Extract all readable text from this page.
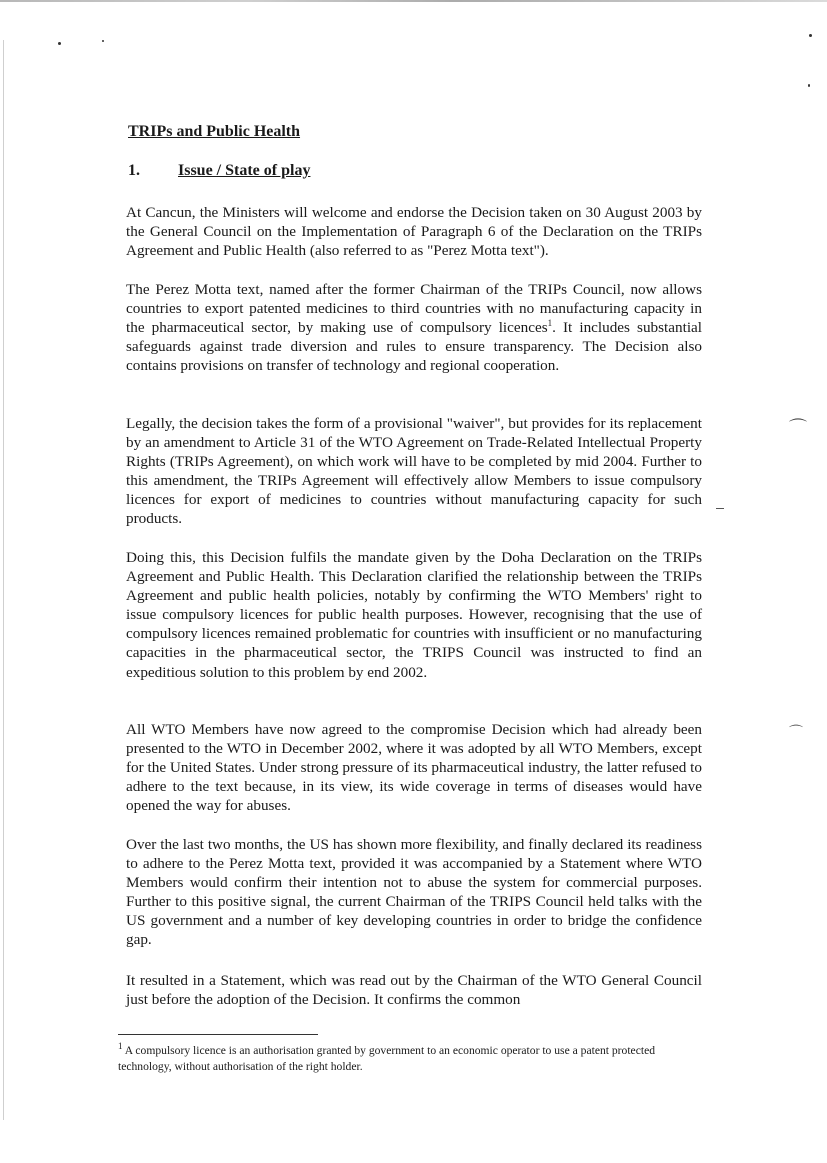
TRIPs and Public Health
1.	Issue / State of play

At Cancun, the Ministers will welcome and endorse the Decision taken on 30 August 2003 by the General Council on the Implementation of Paragraph 6 of the Declaration on the TRIPs Agreement and Public Health (also referred to as "Perez Motta text").

The Perez Motta text, named after the former Chairman of the TRIPs Council, now allows countries to export patented medicines to third countries with no manufacturing capacity in the pharmaceutical sector, by making use of compulsory licences$^1$. It includes substantial safeguards against trade diversion and rules to ensure transparency. The Decision also contains provisions on transfer of technology and regional cooperation.

Legally, the decision takes the form of a provisional "waiver", but provides for its replacement by an amendment to Article 31 of the WTO Agreement on Trade-Related Intellectual Property Rights (TRIPs Agreement), on which work will have to be completed by mid 2004. Further to this amendment, the TRIPs Agreement will effectively allow Members to issue compulsory licences for export of medicines to countries without manufacturing capacity for such products.

Doing this, this Decision fulfils the mandate given by the Doha Declaration on the TRIPs Agreement and Public Health. This Declaration clarified the relationship between the TRIPs Agreement and public health policies, notably by confirming the WTO Members' right to issue compulsory licences for public health purposes. However, recognising that the use of compulsory licences remained problematic for countries with insufficient or no manufacturing capacities in the pharmaceutical sector, the TRIPS Council was instructed to find an expeditious solution to this problem by end 2002.

All WTO Members have now agreed to the compromise Decision which had already been presented to the WTO in December 2002, where it was adopted by all WTO Members, except for the United States. Under strong pressure of its pharmaceutical industry, the latter refused to adhere to the text because, in its view, its wide coverage in terms of diseases would have opened the way for abuses.

Over the last two months, the US has shown more flexibility, and finally declared its readiness to adhere to the Perez Motta text, provided it was accompanied by a Statement where WTO Members would confirm their intention not to abuse the system for commercial purposes. Further to this positive signal, the current Chairman of the TRIPS Council held talks with the US government and a number of key developing countries in order to bridge the confidence gap.

It resulted in a Statement, which was read out by the Chairman of the WTO General Council just before the adoption of the Decision. It confirms the common

$^1$ A compulsory licence is an authorisation granted by government to an economic operator to use a patent protected technology, without authorisation of the right holder.

⌒
⌒
